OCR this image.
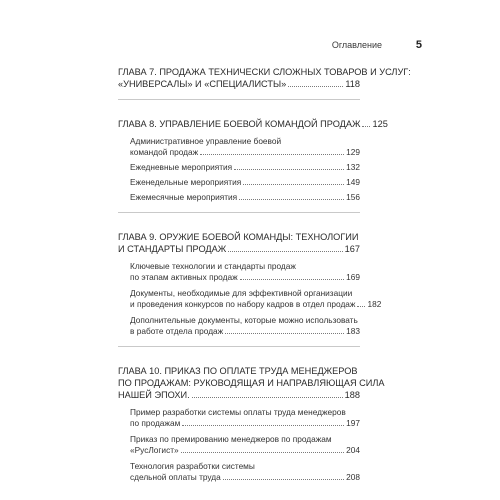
Оглавление	5
ГЛАВА 7. ПРОДАЖА ТЕХНИЧЕСКИ СЛОЖНЫХ ТОВАРОВ И УСЛУГ:
«УНИВЕРСАЛЫ» И «СПЕЦИАЛИСТЫ»	118
ГЛАВА 8. УПРАВЛЕНИЕ БОЕВОЙ КОМАНДОЙ ПРОДАЖ 125
Административное управление боевой
командой продаж	129
Ежедневные мероприятия	132
Еженедельные мероприятия	149
Ежемесячные мероприятия	156
ГЛАВА 9. ОРУЖИЕ БОЕВОЙ КОМАНДЫ: ТЕХНОЛОГИИ
И СТАНДАРТЫ ПРОДАЖ	167
Ключевые технологии и стандарты продаж
по этапам активных продаж	169
Документы, необходимые для эффективной организации
и проведения конкурсов по набору кадров в отдел продаж 182
Дополнительные документы, которые можно использовать
в работе отдела продаж	183
ГЛАВА 10. ПРИКАЗ ПО ОПЛАТЕ ТРУДА МЕНЕДЖЕРОВ
ПО ПРОДАЖАМ: РУКОВОДЯЩАЯ И НАПРАВЛЯЮЩАЯ СИЛА
НАШЕЙ ЭПОХИ.	188
Пример разработки системы оплаты труда менеджеров
по продажам	197
Приказ по премированию менеджеров по продажам
«РусЛогист»	204
Технология разработки системы
сдельной оплаты труда	208
